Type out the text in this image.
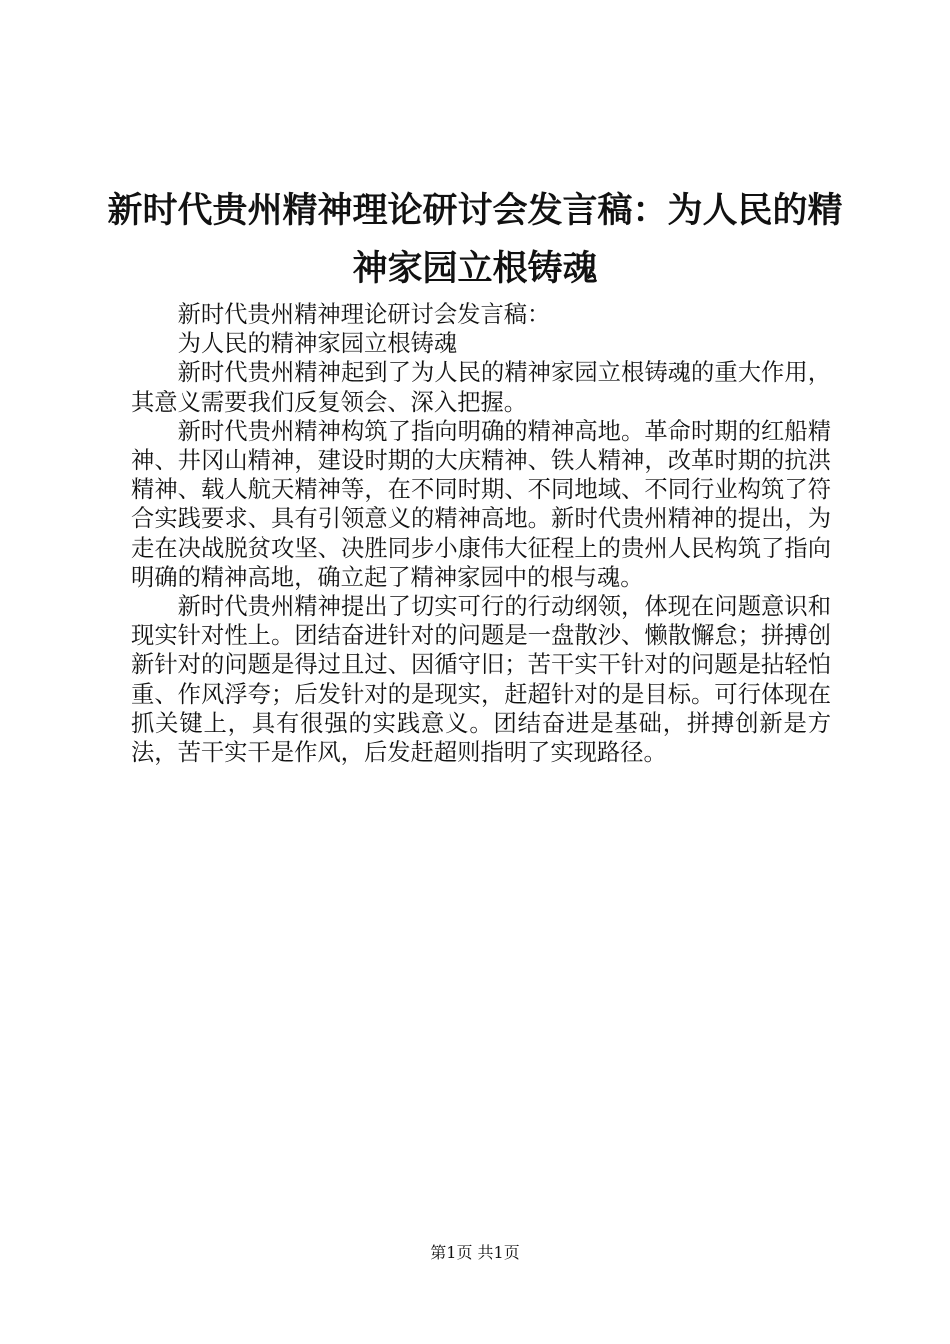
新时代贵州精神理论研讨会发言稿：为人民的精神家园立根铸魂

新时代贵州精神理论研讨会发言稿：

为人民的精神家园立根铸魂

新时代贵州精神起到了为人民的精神家园立根铸魂的重大作用，其意义需要我们反复领会、深入把握。

新时代贵州精神构筑了指向明确的精神高地。革命时期的红船精神、井冈山精神，建设时期的大庆精神、铁人精神，改革时期的抗洪精神、载人航天精神等，在不同时期、不同地域、不同行业构筑了符合实践要求、具有引领意义的精神高地。新时代贵州精神的提出，为走在决战脱贫攻坚、决胜同步小康伟大征程上的贵州人民构筑了指向明确的精神高地，确立起了精神家园中的根与魂。

新时代贵州精神提出了切实可行的行动纲领，体现在问题意识和现实针对性上。团结奋进针对的问题是一盘散沙、懒散懈怠；拼搏创新针对的问题是得过且过、因循守旧；苦干实干针对的问题是拈轻怕重、作风浮夸；后发针对的是现实，赶超针对的是目标。可行体现在抓关键上，具有很强的实践意义。团结奋进是基础，拼搏创新是方法，苦干实干是作风，后发赶超则指明了实现路径。

第1页 共1页
